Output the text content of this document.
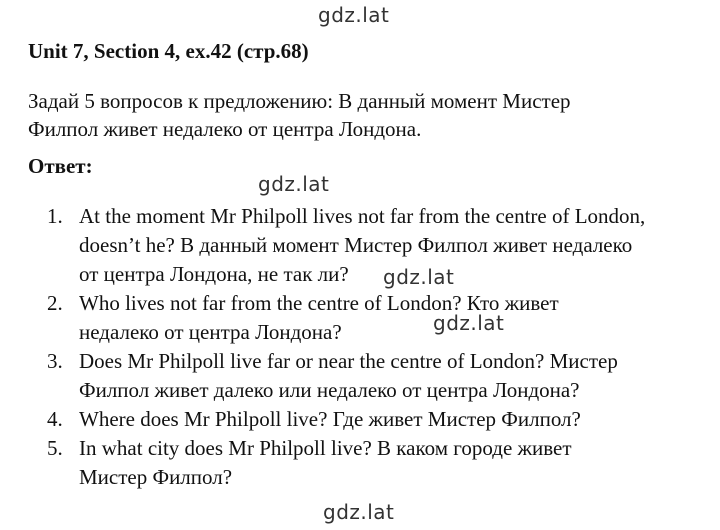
gdz.lat
Unit 7, Section 4, ex.42 (стр.68)
Задай 5 вопросов к предложению: В данный момент Мистер
Филпол живет недалеко от центра Лондона.
Ответ:
gdz.lat
1. At the moment Mr Philpoll lives not far from the centre of London,
doesn’t he? В данный момент Мистер Филпол живет недалеко
от центра Лондона, не так ли?
2. Who lives not far from the centre of London? Кто живет
недалеко от центра Лондона?
3. Does Mr Philpoll live far or near the centre of London? Мистер
Филпол живет далеко или недалеко от центра Лондона?
4. Where does Mr Philpoll live? Где живет Мистер Филпол?
5. In what city does Mr Philpoll live? В каком городе живет
Мистер Филпол?
gdz.lat
gdz.lat
gdz.lat
